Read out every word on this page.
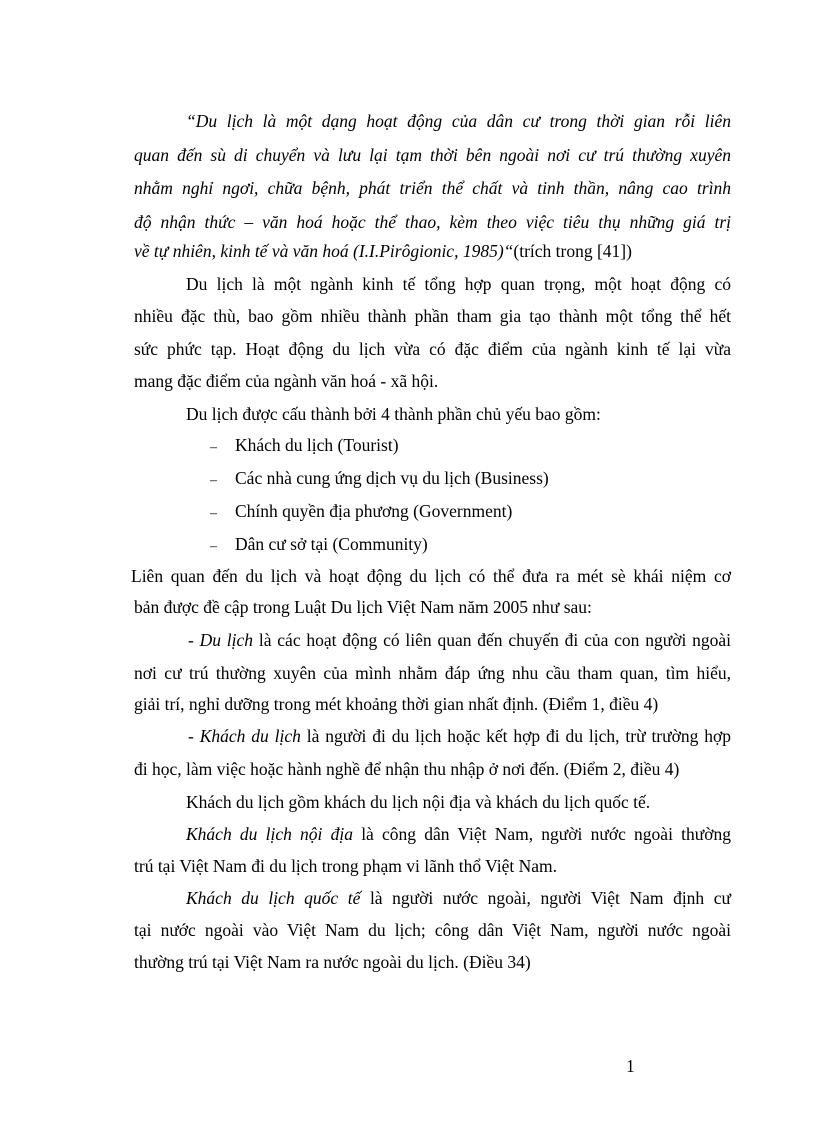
“Du lịch là một dạng hoạt động của dân cư trong thời gian rỗi liên
quan đến sù di chuyển và lưu lại tạm thời bên ngoài nơi cư trú thường xuyên
nhằm nghỉ ngơi, chữa bệnh, phát triển thể chất và tinh thần, nâng cao trình
độ nhận thức – văn hoá hoặc thể thao, kèm theo việc tiêu thụ những giá trị
về tự nhiên, kinh tế và văn hoá (I.I.Pirôgionic, 1985)“(trích trong [41])
Du lịch là một ngành kinh tế tổng hợp quan trọng, một hoạt động có
nhiều đặc thù, bao gồm nhiều thành phần tham gia tạo thành một tổng thể hết
sức phức tạp. Hoạt động du lịch vừa có đặc điểm của ngành kinh tế lại vừa
mang đặc điểm của ngành văn hoá - xã hội.
Du lịch được cấu thành bởi 4 thành phần chủ yếu bao gồm:
– Khách du lịch (Tourist)
– Các nhà cung ứng dịch vụ du lịch (Business)
– Chính quyền địa phương (Government)
– Dân cư sở tại (Community)
Liên quan đến du lịch và hoạt động du lịch có thể đưa ra mét sè khái niệm cơ
bản được đề cập trong Luật Du lịch Việt Nam năm 2005 như sau:
- Du lịch là các hoạt động có liên quan đến chuyến đi của con người ngoài
nơi cư trú thường xuyên của mình nhằm đáp ứng nhu cầu tham quan, tìm hiểu,
giải trí, nghỉ dưỡng trong mét khoảng thời gian nhất định. (Điểm 1, điều 4)
- Khách du lịch là người đi du lịch hoặc kết hợp đi du lịch, trừ trường hợp
đi học, làm việc hoặc hành nghề để nhận thu nhập ở nơi đến. (Điểm 2, điều 4)
Khách du lịch gồm khách du lịch nội địa và khách du lịch quốc tế.
Khách du lịch nội địa là công dân Việt Nam, người nước ngoài thường
trú tại Việt Nam đi du lịch trong phạm vi lãnh thổ Việt Nam.
Khách du lịch quốc tế là người nước ngoài, người Việt Nam định cư
tại nước ngoài vào Việt Nam du lịch; công dân Việt Nam, người nước ngoài
thường trú tại Việt Nam ra nước ngoài du lịch. (Điều 34)
1
